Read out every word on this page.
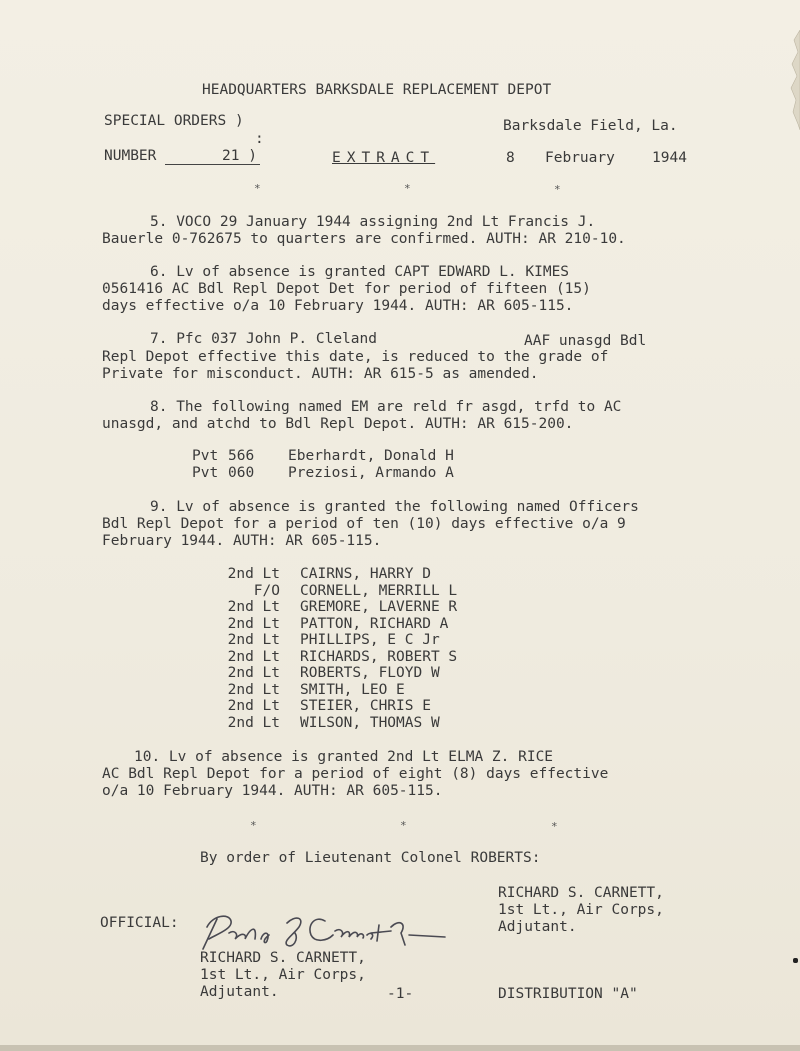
HEADQUARTERS BARKSDALE REPLACEMENT DEPOT
SPECIAL ORDERS )
:
Barksdale Field, La.
NUMBER	21 )	EXTRACT	8 February	1944
*	*	*
5. VOCO 29 January 1944 assigning 2nd Lt Francis J.
Bauerle 0-762675 to quarters are confirmed. AUTH: AR 210-10.
6. Lv of absence is granted CAPT EDWARD L. KIMES
0561416 AC Bdl Repl Depot Det for period of fifteen (15)
days effective o/a 10 February 1944. AUTH: AR 605-115.
7. Pfc 037 John P. Cleland	AAF unasgd Bdl
Repl Depot effective this date, is reduced to the grade of
Private for misconduct. AUTH: AR 615-5 as amended.
8. The following named EM are reld fr asgd, trfd to AC
unasgd, and atchd to Bdl Repl Depot. AUTH: AR 615-200.
Pvt 566	Eberhardt, Donald H
Pvt 060	Preziosi, Armando A
9. Lv of absence is granted the following named Officers
Bdl Repl Depot for a period of ten (10) days effective o/a 9
February 1944. AUTH: AR 605-115.
2nd Lt CAIRNS, HARRY D
F/O CORNELL, MERRILL L
2nd Lt GREMORE, LAVERNE R
2nd Lt PATTON, RICHARD A
2nd Lt PHILLIPS, E C Jr
2nd Lt RICHARDS, ROBERT S
2nd Lt ROBERTS, FLOYD W
2nd Lt SMITH, LEO E
2nd Lt STEIER, CHRIS E
2nd Lt WILSON, THOMAS W
10. Lv of absence is granted 2nd Lt ELMA Z. RICE
AC Bdl Repl Depot for a period of eight (8) days effective
o/a 10 February 1944. AUTH: AR 605-115.
*	*	*
By order of Lieutenant Colonel ROBERTS:
RICHARD S. CARNETT,
1st Lt., Air Corps,
Adjutant.
OFFICIAL:
RICHARD S. CARNETT,
1st Lt., Air Corps,
Adjutant.	-1-	DISTRIBUTION "A"
